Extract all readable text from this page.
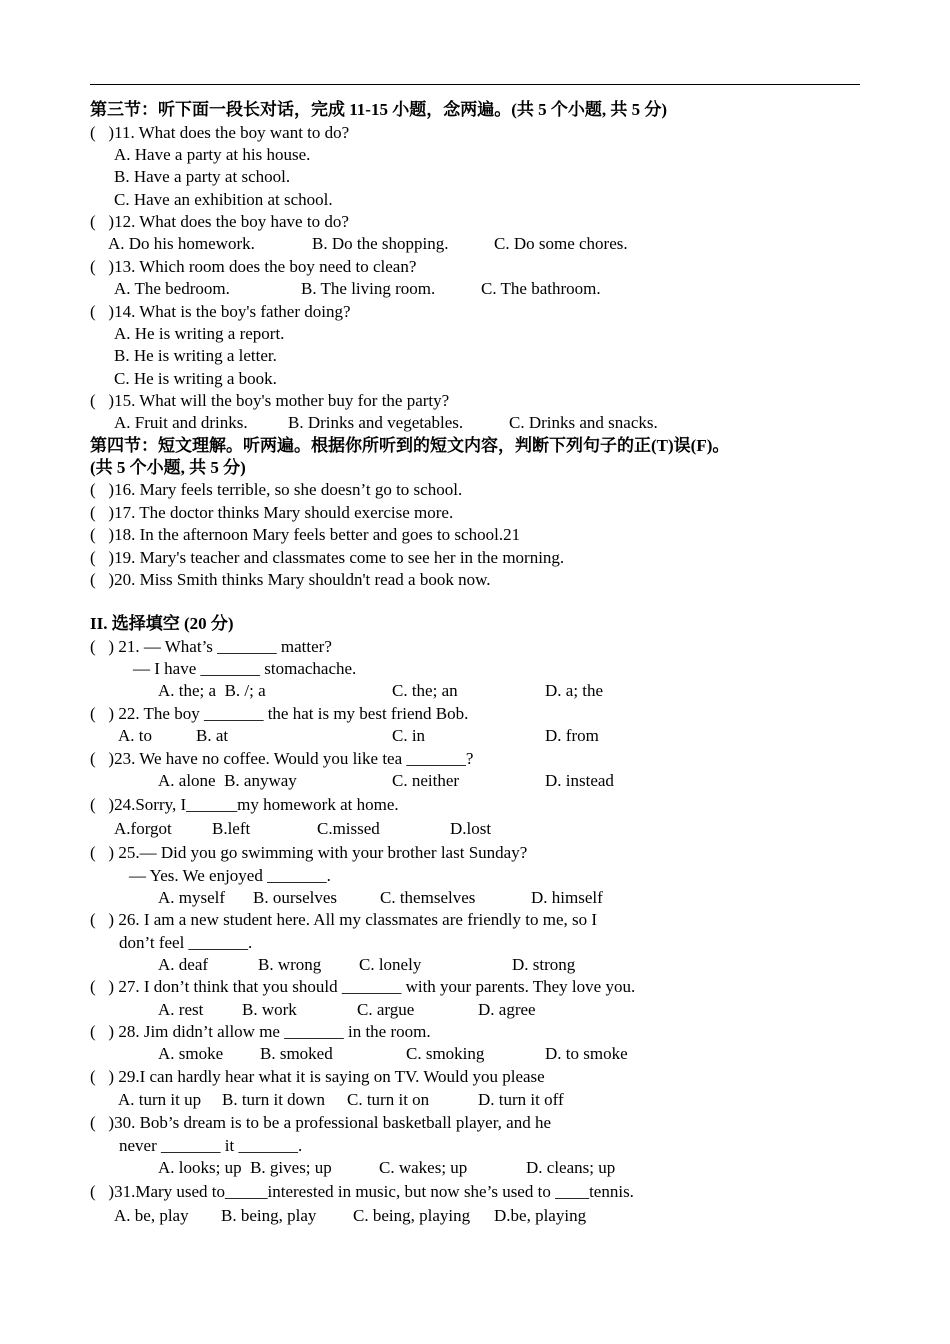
第三节：听下面一段长对话，完成 11-15 小题，念两遍。(共 5 个小题, 共 5 分)
(   )11. What does the boy want to do?
A. Have a party at his house.
B. Have a party at school.
C. Have an exhibition at school.
(   )12. What does the boy have to do?
A. Do his homework.	B. Do the shopping.	C. Do some chores.
(   )13. Which room does the boy need to clean?
A. The bedroom.	B. The living room.	C. The bathroom.
(   )14. What is the boy's father doing?
A. He is writing a report.
B. He is writing a letter.
C. He is writing a book.
(   )15. What will the boy's mother buy for the party?
A. Fruit and drinks. B. Drinks and vegetables.	C. Drinks and snacks.
第四节：短文理解。听两遍。根据你所听到的短文内容，判断下列句子的正(T)误(F)。
(共 5 个小题, 共 5 分)
(   )16. Mary feels terrible, so she doesn’t go to school.
(   )17. The doctor thinks Mary should exercise more.
(   )18. In the afternoon Mary feels better and goes to school.21
(   )19. Mary's teacher and classmates come to see her in the morning.
(   )20. Miss Smith thinks Mary shouldn't read a book now.
II. 选择填空 (20 分)
(   ) 21. — What’s _______ matter?
— I have _______ stomachache.
A. the; a  B. /; a	C. the; an	D. a; the
(   ) 22. The boy _______ the hat is my best friend Bob.
A. to	B. at	C. in	D. from
(   )23. We have no coffee. Would you like tea _______?
A. alone  B. anyway	C. neither	D. instead
(   )24.Sorry, I______my homework at home.
A.forgot B.left	C.missed	D.lost
(   ) 25.— Did you go swimming with your brother last Sunday?
— Yes. We enjoyed _______.
A. myself B. ourselves	C. themselves	D. himself
(   ) 26. I am a new student here. All my classmates are friendly to me, so I
don’t feel _______.
A. deaf	B. wrong C. lonely	D. strong
(   ) 27. I don’t think that you should _______ with your parents. They love you.
A. rest B. work	C. argue	D. agree
(   ) 28. Jim didn’t allow me _______ in the room.
A. smoke B. smoked	C. smoking	D. to smoke
(   ) 29.I can hardly hear what it is saying on TV. Would you please
A. turn it up B. turn it down C. turn it on	D. turn it off
(   )30. Bob’s dream is to be a professional basketball player, and he
never _______ it _______.
A. looks; up  B. gives; up	C. wakes; up	D. cleans; up
(   )31.Mary used to_____interested in music, but now she’s used to ____tennis.
A. be, play B. being, play C. being, playing D.be, playing
